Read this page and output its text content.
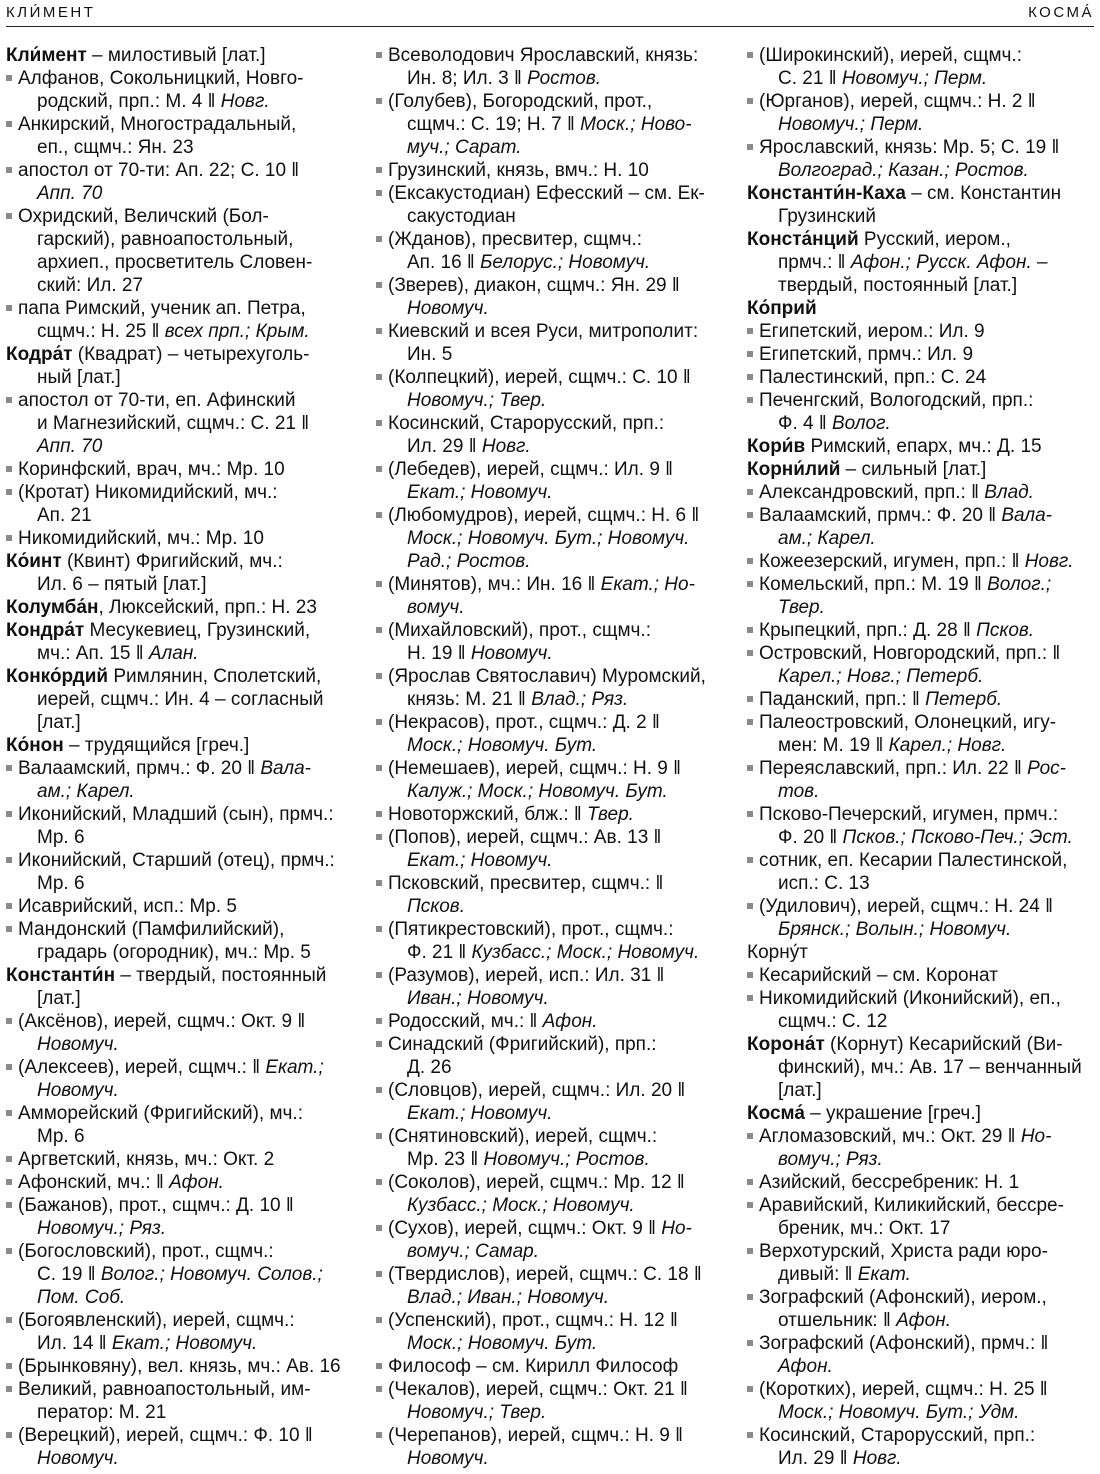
КЛИ́МЕНТ	КОСМА́
Кли́мент – милостивый [лат.]
Алфанов, Сокольницкий, Новго-
родский, прп.: М. 4 ‖ Новг.
Анкирский, Многострадальный,
еп., сщмч.: Ян. 23
апостол от 70-ти: Ап. 22; С. 10 ‖
Апп. 70
Охридский, Величский (Бол-
гарский), равноапостольный,
архиеп., просветитель Словен-
ский: Ил. 27
папа Римский, ученик ап. Петра,
сщмч.: Н. 25 ‖ всех прп.; Крым.
Кодра́т (Квадрат) – четырехуголь-
ный [лат.]
апостол от 70-ти, еп. Афинский
и Магнезийский, сщмч.: С. 21 ‖
Апп. 70
Коринфский, врач, мч.: Мр. 10
(Кротат) Никомидийский, мч.:
Ап. 21
Никомидийский, мч.: Мр. 10
Ко́инт (Квинт) Фригийский, мч.:
Ил. 6 – пятый [лат.]
Колумба́н, Люксейский, прп.: Н. 23
Кондра́т Месукевиец, Грузинский,
мч.: Ап. 15 ‖ Алан.
Конко́рдий Римлянин, Сполетский,
иерей, сщмч.: Ин. 4 – согласный
[лат.]
Ко́нон – трудящийся [греч.]
Валаамский, прмч.: Ф. 20 ‖ Вала-
ам.; Карел.
Иконийский, Младший (сын), прмч.:
Мр. 6
Иконийский, Старший (отец), прмч.:
Мр. 6
Исаврийский, исп.: Мр. 5
Мандонский (Памфилийский),
градарь (огородник), мч.: Мр. 5
Константи́н – твердый, постоянный
[лат.]
(Аксёнов), иерей, сщмч.: Окт. 9 ‖
Новомуч.
(Алексеев), иерей, сщмч.: ‖ Екат.;
Новомуч.
Амморейский (Фригийский), мч.:
Мр. 6
Аргветский, князь, мч.: Окт. 2
Афонский, мч.: ‖ Афон.
(Бажанов), прот., сщмч.: Д. 10 ‖
Новомуч.; Ряз.
(Богословский), прот., сщмч.:
С. 19 ‖ Волог.; Новомуч. Солов.;
Пом. Соб.
(Богоявленский), иерей, сщмч.:
Ил. 14 ‖ Екат.; Новомуч.
(Брынковяну), вел. князь, мч.: Ав. 16
Великий, равноапостольный, им-
ператор: М. 21
(Верецкий), иерей, сщмч.: Ф. 10 ‖
Новомуч.
Всеволодович Ярославский, князь:
Ин. 8; Ил. 3 ‖ Ростов.
(Голубев), Богородский, прот.,
сщмч.: С. 19; Н. 7 ‖ Моск.; Ново-
муч.; Сарат.
Грузинский, князь, вмч.: Н. 10
(Ексакустодиан) Ефесский – см. Ек-
сакустодиан
(Жданов), пресвитер, сщмч.:
Ап. 16 ‖ Белорус.; Новомуч.
(Зверев), диакон, сщмч.: Ян. 29 ‖
Новомуч.
Киевский и всея Руси, митрополит:
Ин. 5
(Колпецкий), иерей, сщмч.: С. 10 ‖
Новомуч.; Твер.
Косинский, Старорусский, прп.:
Ил. 29 ‖ Новг.
(Лебедев), иерей, сщмч.: Ил. 9 ‖
Екат.; Новомуч.
(Любомудров), иерей, сщмч.: Н. 6 ‖
Моск.; Новомуч. Бут.; Новомуч.
Рад.; Ростов.
(Минятов), мч.: Ин. 16 ‖ Екат.; Но-
вомуч.
(Михайловский), прот., сщмч.:
Н. 19 ‖ Новомуч.
(Ярослав Святославич) Муромский,
князь: М. 21 ‖ Влад.; Ряз.
(Некрасов), прот., сщмч.: Д. 2 ‖
Моск.; Новомуч. Бут.
(Немешаев), иерей, сщмч.: Н. 9 ‖
Калуж.; Моск.; Новомуч. Бут.
Новоторжский, блж.: ‖ Твер.
(Попов), иерей, сщмч.: Ав. 13 ‖
Екат.; Новомуч.
Псковский, пресвитер, сщмч.: ‖
Псков.
(Пятикрестовский), прот., сщмч.:
Ф. 21 ‖ Кузбасс.; Моск.; Новомуч.
(Разумов), иерей, исп.: Ил. 31 ‖
Иван.; Новомуч.
Родосский, мч.: ‖ Афон.
Синадский (Фригийский), прп.:
Д. 26
(Словцов), иерей, сщмч.: Ил. 20 ‖
Екат.; Новомуч.
(Снятиновский), иерей, сщмч.:
Мр. 23 ‖ Новомуч.; Ростов.
(Соколов), иерей, сщмч.: Мр. 12 ‖
Кузбасс.; Моск.; Новомуч.
(Сухов), иерей, сщмч.: Окт. 9 ‖ Но-
вомуч.; Самар.
(Твердислов), иерей, сщмч.: С. 18 ‖
Влад.; Иван.; Новомуч.
(Успенский), прот., сщмч.: Н. 12 ‖
Моск.; Новомуч. Бут.
Философ – см. Кирилл Философ
(Чекалов), иерей, сщмч.: Окт. 21 ‖
Новомуч.; Твер.
(Черепанов), иерей, сщмч.: Н. 9 ‖
Новомуч.
(Широкинский), иерей, сщмч.:
С. 21 ‖ Новомуч.; Перм.
(Юрганов), иерей, сщмч.: Н. 2 ‖
Новомуч.; Перм.
Ярославский, князь: Мр. 5; С. 19 ‖
Волгоград.; Казан.; Ростов.
Константи́н-Каха – см. Константин
Грузинский
Конста́нций Русский, иером.,
прмч.: ‖ Афон.; Русск. Афон. –
твердый, постоянный [лат.]
Ко́прий
Египетский, иером.: Ил. 9
Египетский, прмч.: Ил. 9
Палестинский, прп.: С. 24
Печенгский, Вологодский, прп.:
Ф. 4 ‖ Волог.
Кори́в Римский, епарх, мч.: Д. 15
Корни́лий – сильный [лат.]
Александровский, прп.: ‖ Влад.
Валаамский, прмч.: Ф. 20 ‖ Вала-
ам.; Карел.
Кожеезерский, игумен, прп.: ‖ Новг.
Комельский, прп.: М. 19 ‖ Волог.;
Твер.
Крыпецкий, прп.: Д. 28 ‖ Псков.
Островский, Новгородский, прп.: ‖
Карел.; Новг.; Петерб.
Паданский, прп.: ‖ Петерб.
Палеостровский, Олонецкий, игу-
мен: М. 19 ‖ Карел.; Новг.
Переяславский, прп.: Ил. 22 ‖ Рос-
тов.
Псково-Печерский, игумен, прмч.:
Ф. 20 ‖ Псков.; Псково-Печ.; Эст.
сотник, еп. Кесарии Палестинской,
исп.: С. 13
(Удилович), иерей, сщмч.: Н. 24 ‖
Брянск.; Волын.; Новомуч.
Корну́т
Кесарийский – см. Коронат
Никомидийский (Иконийский), еп.,
сщмч.: С. 12
Корона́т (Корнут) Кесарийский (Ви-
финский), мч.: Ав. 17 – венчанный
[лат.]
Косма́ – украшение [греч.]
Агломазовский, мч.: Окт. 29 ‖ Но-
вомуч.; Ряз.
Азийский, бессребреник: Н. 1
Аравийский, Киликийский, бессре-
бреник, мч.: Окт. 17
Верхотурский, Христа ради юро-
дивый: ‖ Екат.
Зографский (Афонский), иером.,
отшельник: ‖ Афон.
Зографский (Афонский), прмч.: ‖
Афон.
(Коротких), иерей, сщмч.: Н. 25 ‖
Моск.; Новомуч. Бут.; Удм.
Косинский, Старорусский, прп.:
Ил. 29 ‖ Новг.
